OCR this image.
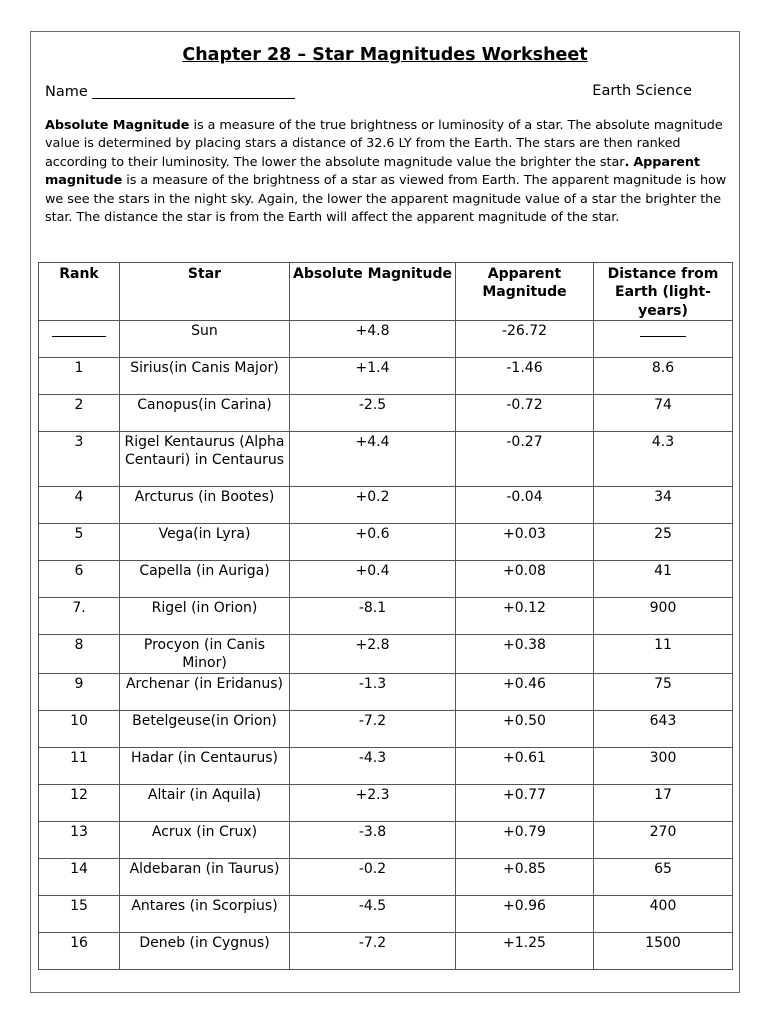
Chapter 28 – Star Magnitudes Worksheet
Name	Earth Science
Absolute Magnitude is a measure of the true brightness or luminosity of a star. The absolute magnitude value is determined by placing stars a distance of 32.6 LY from the Earth. The stars are then ranked according to their luminosity. The lower the absolute magnitude value the brighter the star. Apparent magnitude is a measure of the brightness of a star as viewed from Earth. The apparent magnitude is how we see the stars in the night sky. Again, the lower the apparent magnitude value of a star the brighter the star. The distance the star is from the Earth will affect the apparent magnitude of the star.
Rank	Star	Absolute Magnitude	Apparent Magnitude	Distance from Earth (light-years)
	Sun	+4.8	-26.72	
1	Sirius(in Canis Major)	+1.4	-1.46	8.6
2	Canopus(in Carina)	-2.5	-0.72	74
3	Rigel Kentaurus (Alpha Centauri) in Centaurus	+4.4	-0.27	4.3
4	Arcturus (in Bootes)	+0.2	-0.04	34
5	Vega(in Lyra)	+0.6	+0.03	25
6	Capella (in Auriga)	+0.4	+0.08	41
7.	Rigel (in Orion)	-8.1	+0.12	900
8	Procyon (in Canis Minor)	+2.8	+0.38	11
9	Archenar (in Eridanus)	-1.3	+0.46	75
10	Betelgeuse(in Orion)	-7.2	+0.50	643
11	Hadar (in Centaurus)	-4.3	+0.61	300
12	Altair (in Aquila)	+2.3	+0.77	17
13	Acrux (in Crux)	-3.8	+0.79	270
14	Aldebaran (in Taurus)	-0.2	+0.85	65
15	Antares (in Scorpius)	-4.5	+0.96	400
16	Deneb (in Cygnus)	-7.2	+1.25	1500
